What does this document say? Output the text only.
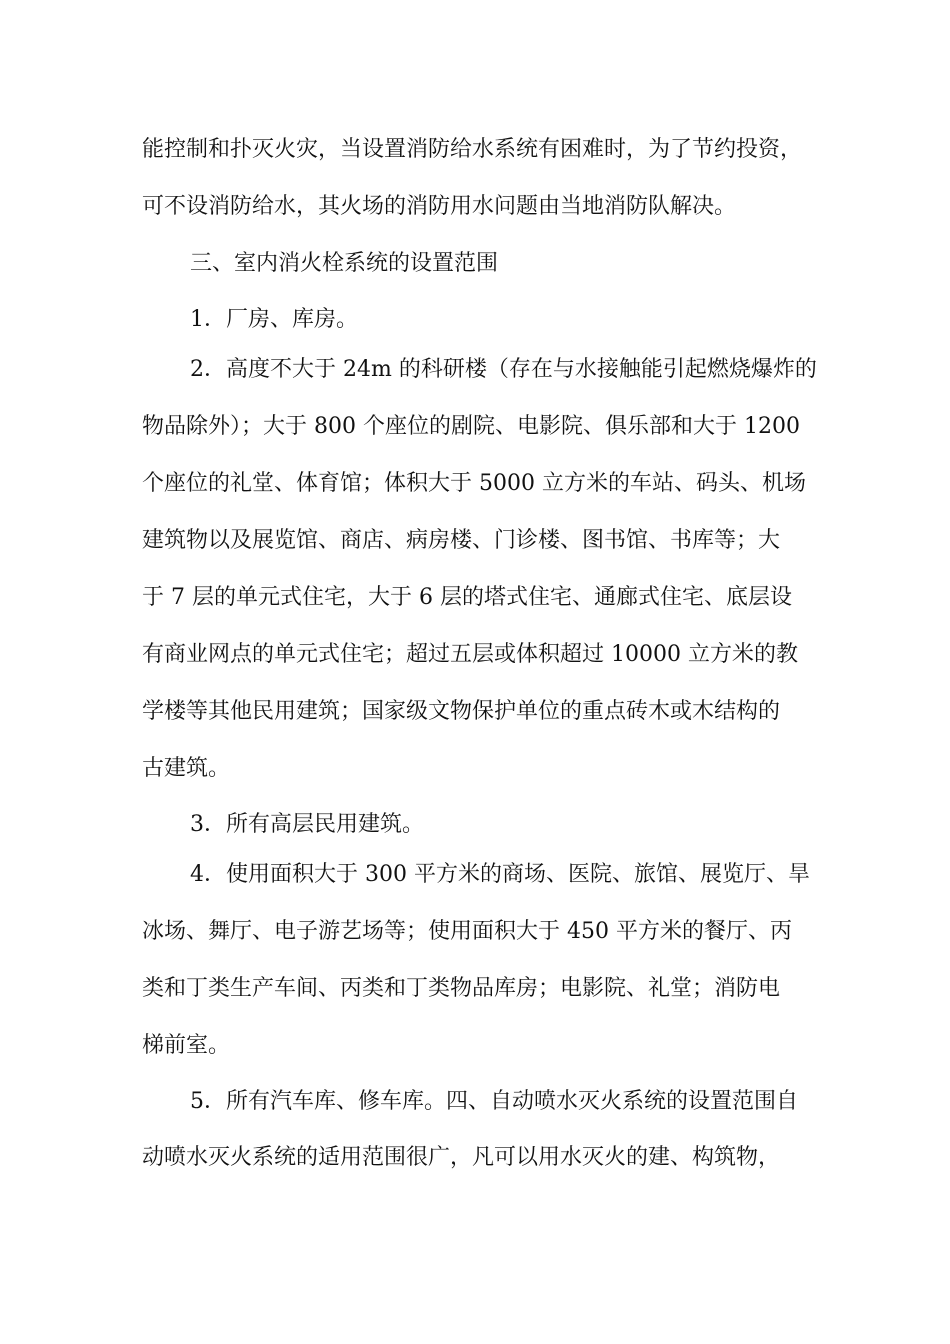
能控制和扑灭火灾，当设置消防给水系统有困难时，为了节约投资，
可不设消防给水，其火场的消防用水问题由当地消防队解决。
三、室内消火栓系统的设置范围
1．厂房、库房。
2．高度不大于 24m 的科研楼（存在与水接触能引起燃烧爆炸的
物品除外）；大于 800 个座位的剧院、电影院、俱乐部和大于 1200
个座位的礼堂、体育馆；体积大于 5000 立方米的车站、码头、机场
建筑物以及展览馆、商店、病房楼、门诊楼、图书馆、书库等；大
于 7 层的单元式住宅，大于 6 层的塔式住宅、通廊式住宅、底层设
有商业网点的单元式住宅；超过五层或体积超过 10000 立方米的教
学楼等其他民用建筑；国家级文物保护单位的重点砖木或木结构的
古建筑。
3．所有高层民用建筑。
4．使用面积大于 300 平方米的商场、医院、旅馆、展览厅、旱
冰场、舞厅、电子游艺场等；使用面积大于 450 平方米的餐厅、丙
类和丁类生产车间、丙类和丁类物品库房；电影院、礼堂；消防电
梯前室。
5．所有汽车库、修车库。四、自动喷水灭火系统的设置范围自
动喷水灭火系统的适用范围很广，凡可以用水灭火的建、构筑物，
